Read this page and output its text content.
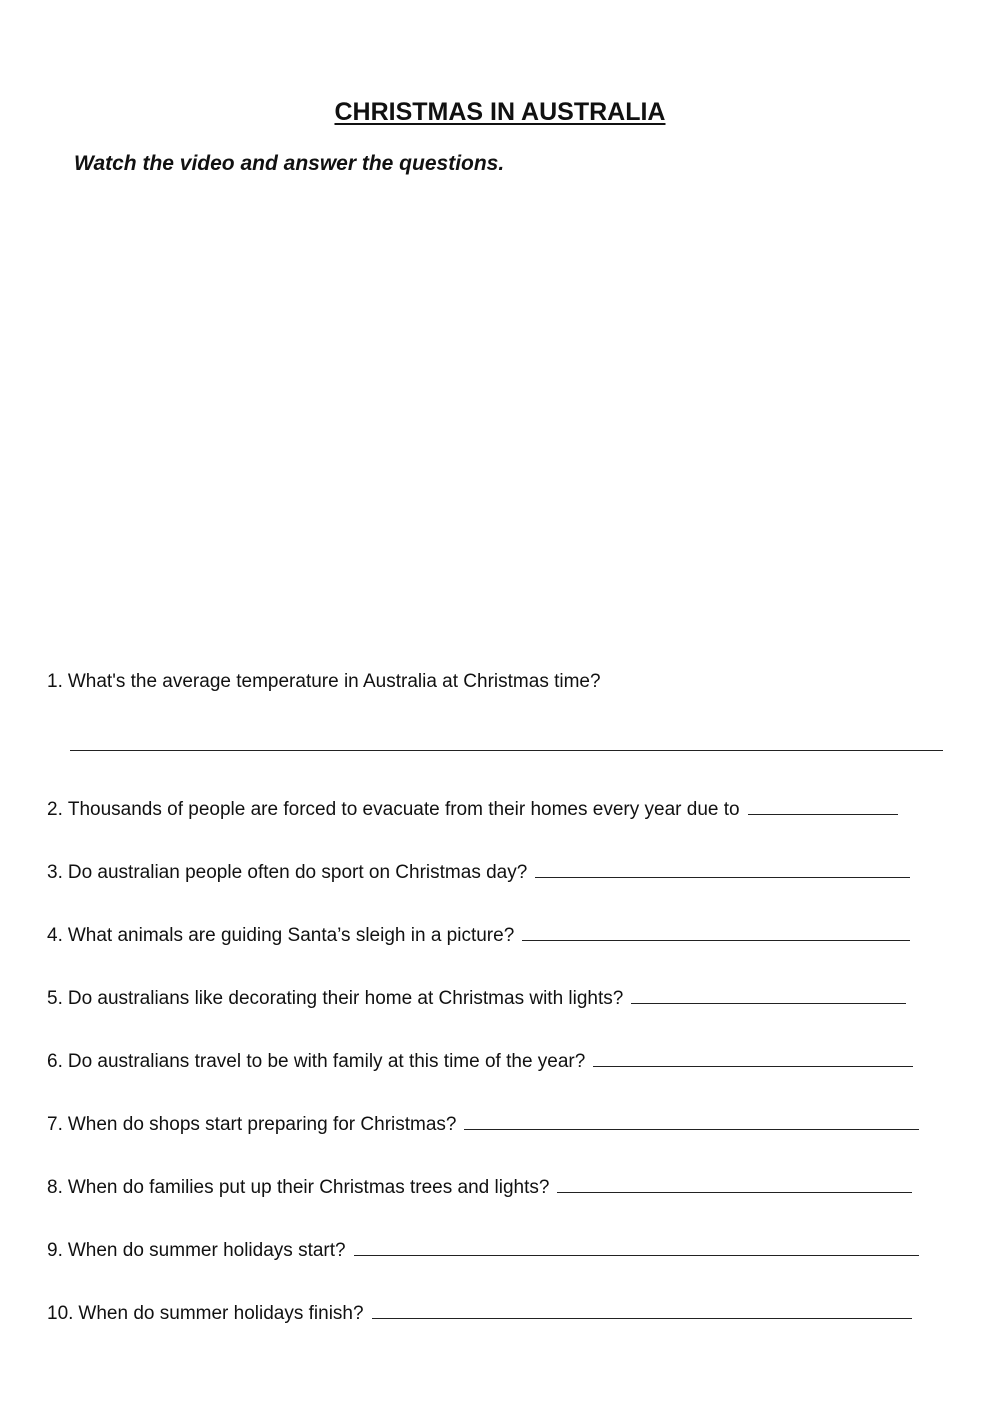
CHRISTMAS IN AUSTRALIA

Watch the video and answer the questions.

1. What's the average temperature in Australia at Christmas time?
2. Thousands of people are forced to evacuate from their homes every year due to
3. Do australian people often do sport on Christmas day?
4. What animals are guiding Santa’s sleigh in a picture?
5. Do australians like decorating their home at Christmas with lights?
6. Do australians travel to be with family at this time of the year?
7. When do shops start preparing for Christmas?
8. When do families put up their Christmas trees and lights?
9. When do summer holidays start?
10. When do summer holidays finish?
